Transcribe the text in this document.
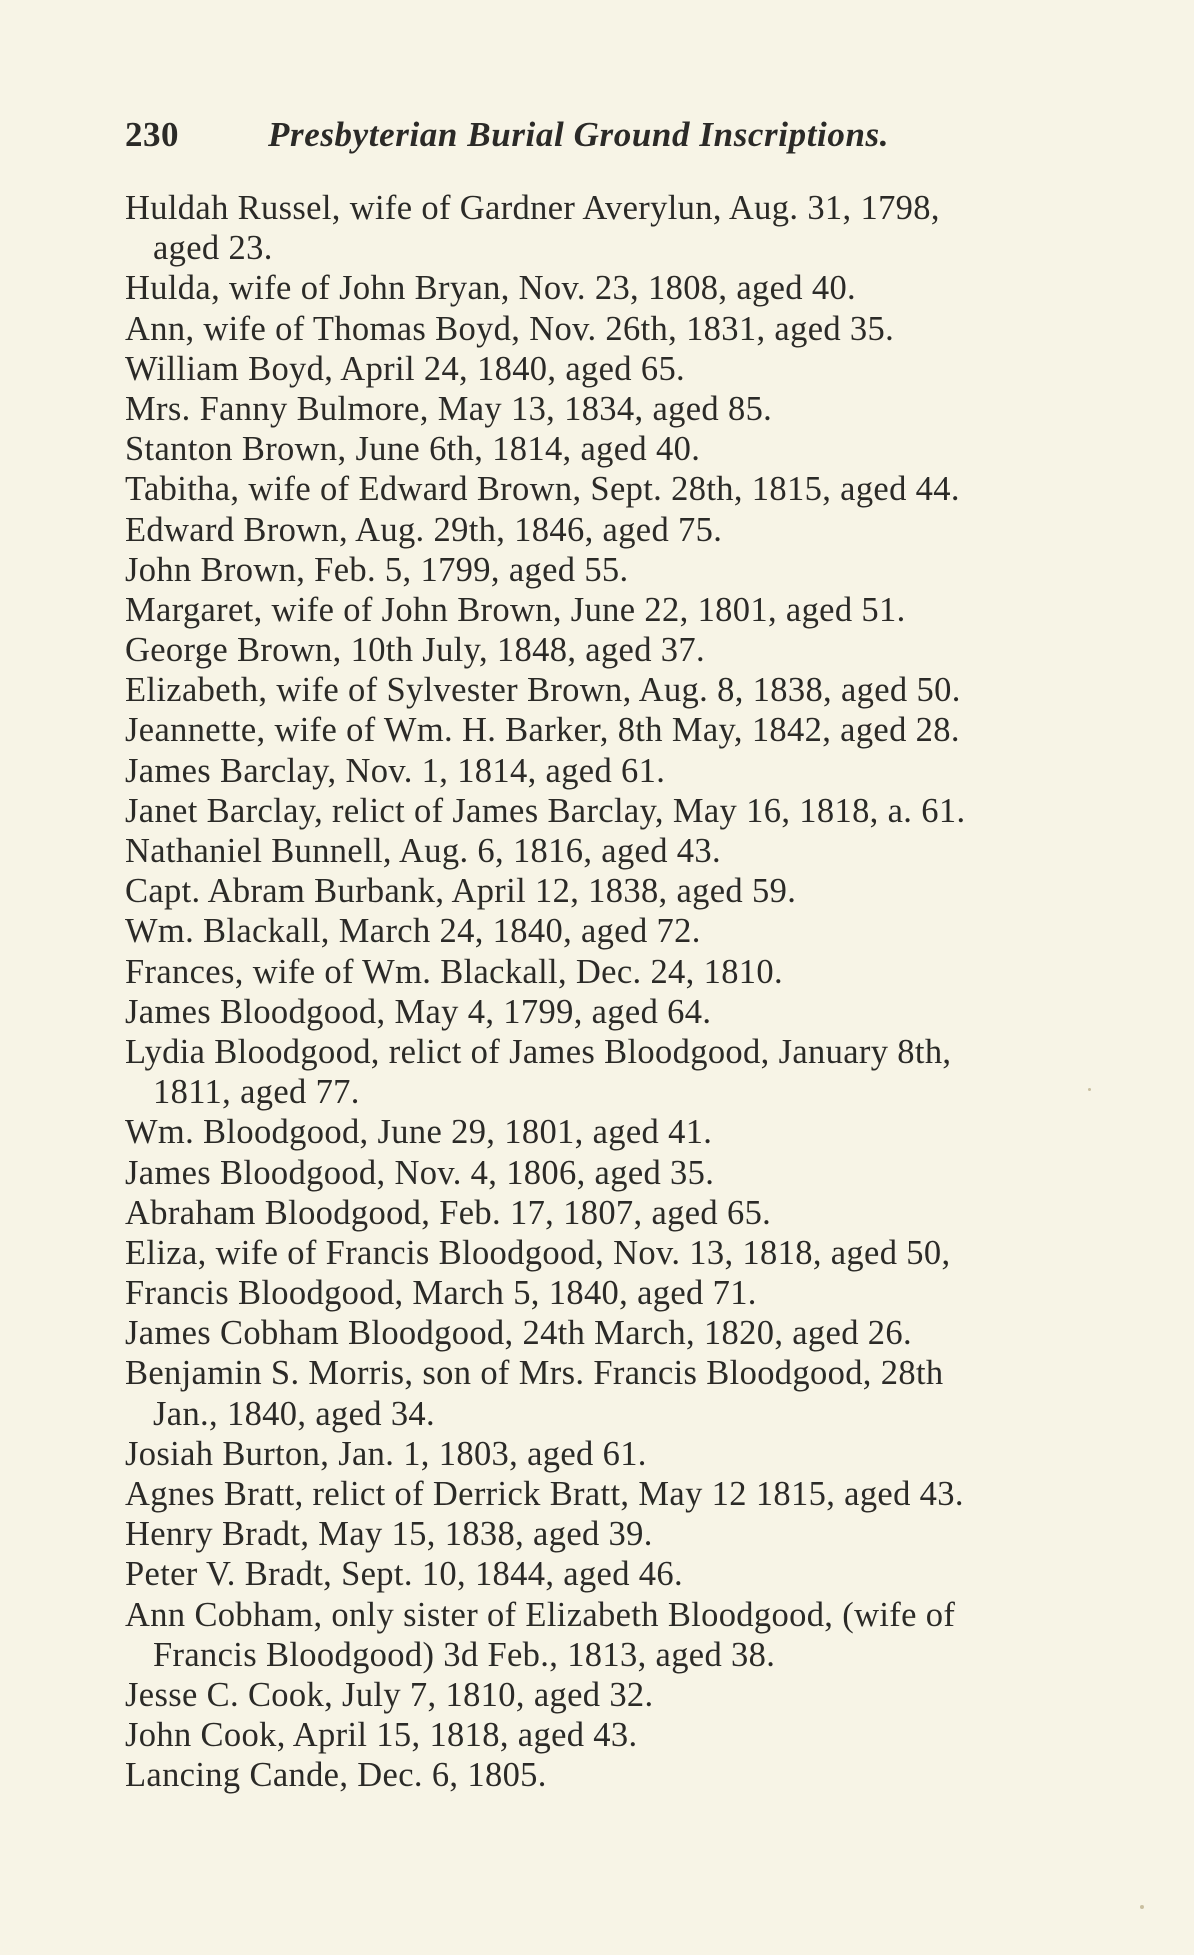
230	Presbyterian Burial Ground Inscriptions.
Huldah Russel, wife of Gardner Averylun, Aug. 31, 1798,
aged 23.
Hulda, wife of John Bryan, Nov. 23, 1808, aged 40.
Ann, wife of Thomas Boyd, Nov. 26th, 1831, aged 35.
William Boyd, April 24, 1840, aged 65.
Mrs. Fanny Bulmore, May 13, 1834, aged 85.
Stanton Brown, June 6th, 1814, aged 40.
Tabitha, wife of Edward Brown, Sept. 28th, 1815, aged 44.
Edward Brown, Aug. 29th, 1846, aged 75.
John Brown, Feb. 5, 1799, aged 55.
Margaret, wife of John Brown, June 22, 1801, aged 51.
George Brown, 10th July, 1848, aged 37.
Elizabeth, wife of Sylvester Brown, Aug. 8, 1838, aged 50.
Jeannette, wife of Wm. H. Barker, 8th May, 1842, aged 28.
James Barclay, Nov. 1, 1814, aged 61.
Janet Barclay, relict of James Barclay, May 16, 1818, a. 61.
Nathaniel Bunnell, Aug. 6, 1816, aged 43.
Capt. Abram Burbank, April 12, 1838, aged 59.
Wm. Blackall, March 24, 1840, aged 72.
Frances, wife of Wm. Blackall, Dec. 24, 1810.
James Bloodgood, May 4, 1799, aged 64.
Lydia Bloodgood, relict of James Bloodgood, January 8th,
1811, aged 77.
Wm. Bloodgood, June 29, 1801, aged 41.
James Bloodgood, Nov. 4, 1806, aged 35.
Abraham Bloodgood, Feb. 17, 1807, aged 65.
Eliza, wife of Francis Bloodgood, Nov. 13, 1818, aged 50,
Francis Bloodgood, March 5, 1840, aged 71.
James Cobham Bloodgood, 24th March, 1820, aged 26.
Benjamin S. Morris, son of Mrs. Francis Bloodgood, 28th
Jan., 1840, aged 34.
Josiah Burton, Jan. 1, 1803, aged 61.
Agnes Bratt, relict of Derrick Bratt, May 12 1815, aged 43.
Henry Bradt, May 15, 1838, aged 39.
Peter V. Bradt, Sept. 10, 1844, aged 46.
Ann Cobham, only sister of Elizabeth Bloodgood, (wife of
Francis Bloodgood) 3d Feb., 1813, aged 38.
Jesse C. Cook, July 7, 1810, aged 32.
John Cook, April 15, 1818, aged 43.
Lancing Cande, Dec. 6, 1805.
